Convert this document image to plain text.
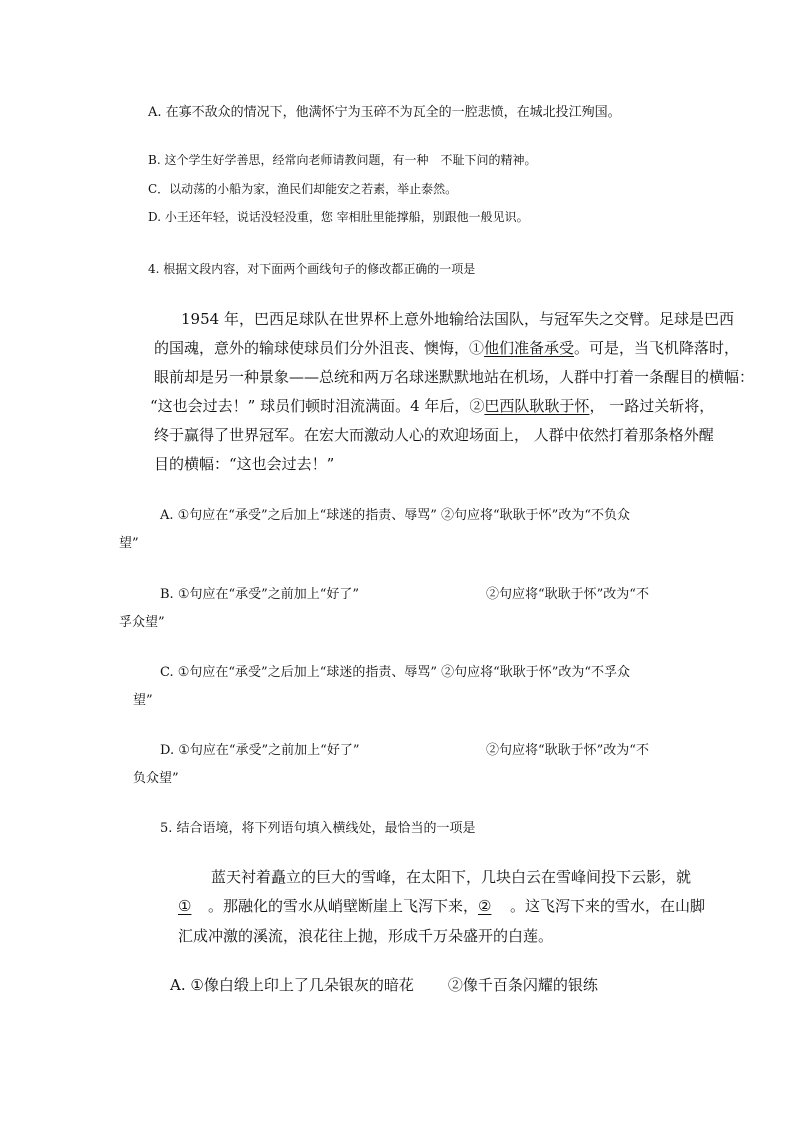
A. 在寡不敌众的情况下，他满怀宁为玉碎不为瓦全的一腔悲愤，在城北投江殉国。
B. 这个学生好学善思，经常向老师请教问题，有一种　不耻下问的精神。
C．以动荡的小船为家，渔民们却能安之若素，举止泰然。
D. 小王还年轻，说话没轻没重，您 宰相肚里能撑船，别跟他一般见识。
4. 根据文段内容，对下面两个画线句子的修改都正确的一项是
1954 年，巴西足球队在世界杯上意外地输给法国队，与冠军失之交臂。足球是巴西
的国魂，意外的输球使球员们分外沮丧、懊悔，①他们准备承受。可是，当飞机降落时，
眼前却是另一种景象——总统和两万名球迷默默地站在机场，人群中打着一条醒目的横幅：
“这也会过去！” 球员们顿时泪流满面。4 年后，②巴西队耿耿于怀， 一路过关斩将，
终于赢得了世界冠军。在宏大而激动人心的欢迎场面上， 人群中依然打着那条格外醒
目的横幅：“这也会过去！”
A. ①句应在“承受”之后加上“球迷的指责、辱骂” ②句应将“耿耿于怀”改为“不负众
望”
B. ①句应在“承受”之前加上“好了”	②句应将“耿耿于怀”改为“不
孚众望”
C. ①句应在“承受”之后加上“球迷的指责、辱骂” ②句应将“耿耿于怀”改为“不孚众
望”
D. ①句应在“承受”之前加上“好了”	②句应将“耿耿于怀”改为“不
负众望”
5. 结合语境，将下列语句填入横线处，最恰当的一项是
蓝天衬着矗立的巨大的雪峰，在太阳下，几块白云在雪峰间投下云影，就
① 。那融化的雪水从峭壁断崖上飞泻下来，② 。这飞泻下来的雪水，在山脚
汇成冲激的溪流，浪花往上抛，形成千万朵盛开的白莲。
A. ①像白缎上印上了几朵银灰的暗花 ②像千百条闪耀的银练
